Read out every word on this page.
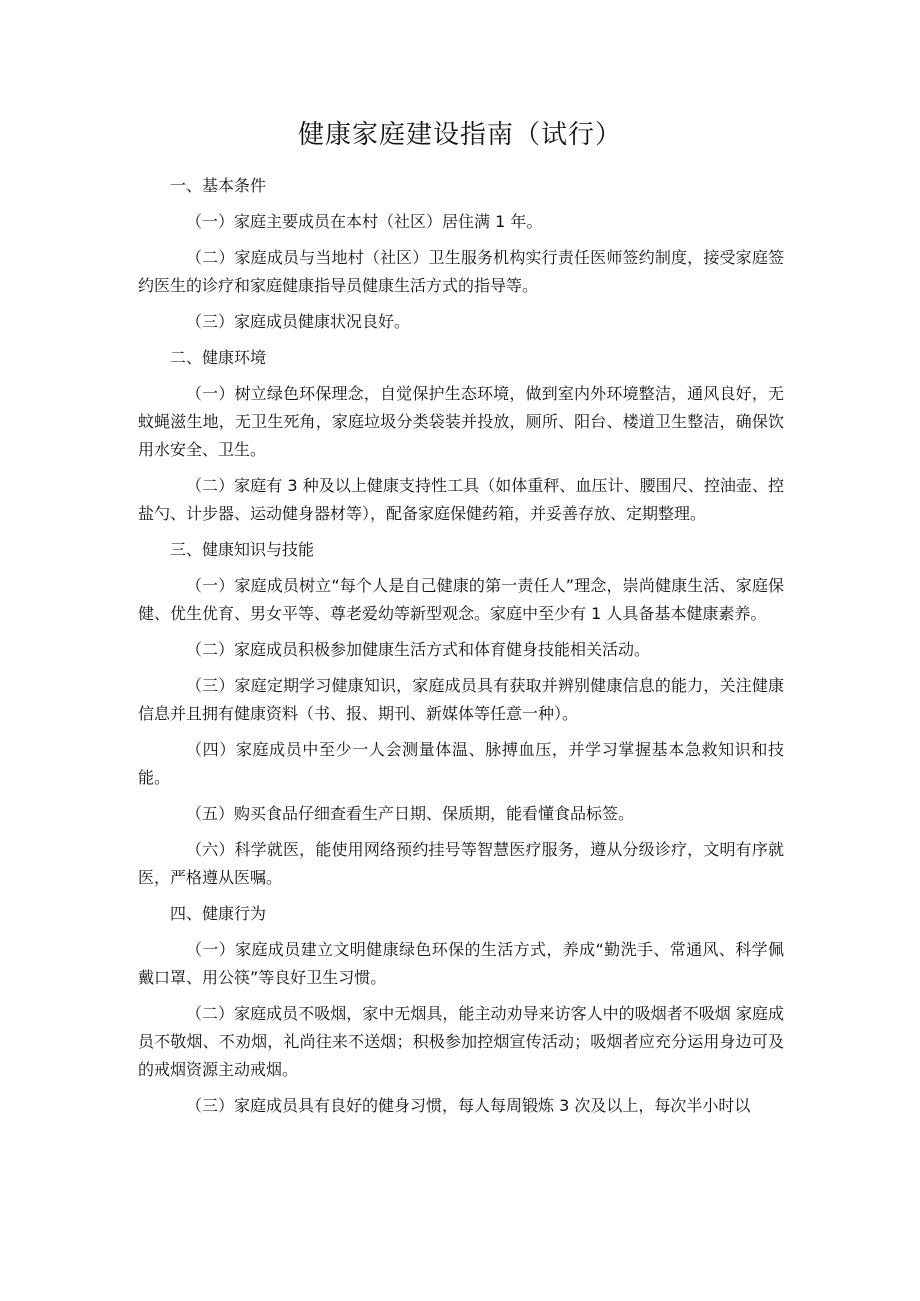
健康家庭建设指南（试行）

一、基本条件

（一）家庭主要成员在本村（社区）居住满 1 年。

（二）家庭成员与当地村（社区）卫生服务机构实行责任医师签约制度，接受家庭签约医生的诊疗和家庭健康指导员健康生活方式的指导等。

（三）家庭成员健康状况良好。

二、健康环境

（一）树立绿色环保理念，自觉保护生态环境，做到室内外环境整洁，通风良好，无蚊蝇滋生地，无卫生死角，家庭垃圾分类袋装并投放，厕所、阳台、楼道卫生整洁，确保饮用水安全、卫生。

（二）家庭有 3 种及以上健康支持性工具（如体重秤、血压计、腰围尺、控油壶、控盐勺、计步器、运动健身器材等），配备家庭保健药箱，并妥善存放、定期整理。

三、健康知识与技能

（一）家庭成员树立“每个人是自己健康的第一责任人”理念，崇尚健康生活、家庭保健、优生优育、男女平等、尊老爱幼等新型观念。家庭中至少有 1 人具备基本健康素养。

（二）家庭成员积极参加健康生活方式和体育健身技能相关活动。

（三）家庭定期学习健康知识，家庭成员具有获取并辨别健康信息的能力，关注健康信息并且拥有健康资料（书、报、期刊、新媒体等任意一种）。

（四）家庭成员中至少一人会测量体温、脉搏血压，并学习掌握基本急救知识和技能。

（五）购买食品仔细查看生产日期、保质期，能看懂食品标签。

（六）科学就医，能使用网络预约挂号等智慧医疗服务，遵从分级诊疗，文明有序就医，严格遵从医嘱。

四、健康行为

（一）家庭成员建立文明健康绿色环保的生活方式，养成“勤洗手、常通风、科学佩戴口罩、用公筷”等良好卫生习惯。

（二）家庭成员不吸烟，家中无烟具，能主动劝导来访客人中的吸烟者不吸烟 家庭成员不敬烟、不劝烟，礼尚往来不送烟；积极参加控烟宣传活动；吸烟者应充分运用身边可及的戒烟资源主动戒烟。

（三）家庭成员具有良好的健身习惯，每人每周锻炼 3 次及以上，每次半小时以
